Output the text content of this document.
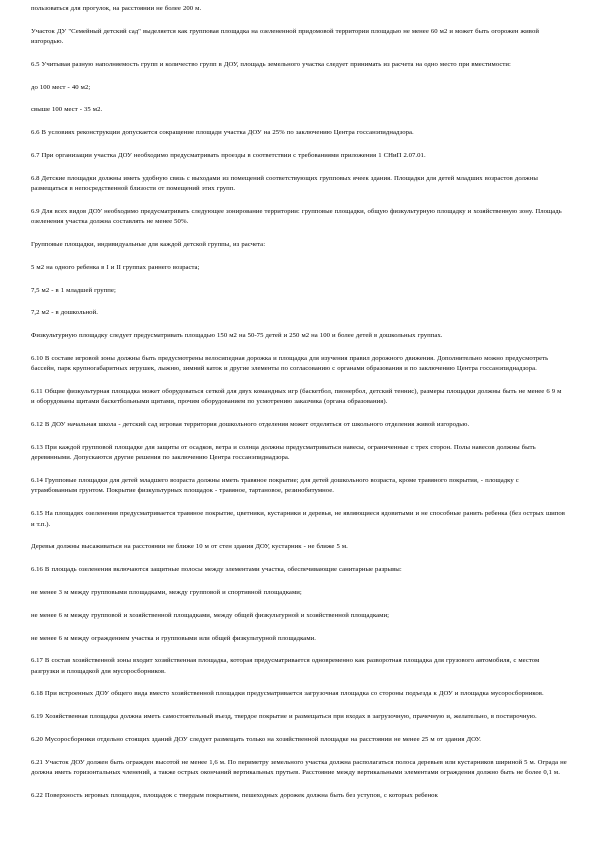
пользоваться для прогулок, на расстоянии не более 200 м.

Участок ДУ "Семейный детский сад" выделяется как групповая площадка на озелененной придомовой территории площадью не менее 60 м2 и может быть огорожен живой изгородью.

6.5 Учитывая разную наполняемость групп и количество групп в ДОУ, площадь земельного участка следует принимать из расчета на одно место при вместимости:

до 100 мест - 40 м2;

свыше 100 мест - 35 м2.

6.6 В условиях реконструкции допускается сокращение площади участка ДОУ на 25% по заключению Центра госсанэпиднадзора.

6.7 При организации участка ДОУ необходимо предусматривать проезды в соответствии с требованиями приложения 1 СНиП 2.07.01.

6.8 Детские площадки должны иметь удобную связь с выходами из помещений соответствующих групповых ячеек здания. Площадки для детей младших возрастов должны размещаться в непосредственной близости от помещений этих групп.

6.9 Для всех видов ДОУ необходимо предусматривать следующее зонирование территории: групповые площадки, общую физкультурную площадку и хозяйственную зону. Площадь озеленения участка должна составлять не менее 50%.

Групповые площадки, индивидуальные для каждой детской группы, из расчета:

5 м2 на одного ребенка в I и II группах раннего возраста;

7,5 м2 - в 1 младшей группе;

7,2 м2 - в дошкольной.

Физкультурную площадку следует предусматривать площадью 150 м2 на 50-75 детей и 250 м2 на 100 и более детей в дошкольных группах.

6.10 В составе игровой зоны должны быть предусмотрены велосипедная дорожка и площадка для изучения правил дорожного движения. Дополнительно можно предусмотреть бассейн, парк крупногабаритных игрушек, лыжню, зимний каток и другие элементы по согласованию с органами образования и по заключению Центра госсанэпиднадзора.

6.11 Общие физкультурная площадка может оборудоваться сеткой для двух командных игр (баскетбол, пионербол, детский теннис), размеры площадки должны быть не менее 6 9 м и оборудованы щитами баскетбольными щитами, прочим оборудованием по усмотрению заказчика (органа образования).

6.12 В ДОУ начальная школа - детский сад игровая территория дошкольного отделения может отделяться от школьного отделения живой изгородью.

6.13 При каждой групповой площадке для защиты от осадков, ветра и солнца должны предусматриваться навесы, ограниченные с трех сторон. Полы навесов должны быть деревянными. Допускаются другие решения по заключению Центра госсанэпиднадзора.

6.14 Групповые площадки для детей младшего возраста должны иметь травяное покрытие; для детей дошкольного возраста, кроме травяного покрытия, - площадку с утрамбованным грунтом. Покрытие физкультурных площадок - травяное, тартановое, резинобитумное.

6.15 На площадях озеленения предусматривается травяное покрытие, цветники, кустарники и деревья, не являющиеся ядовитыми и не способные ранить ребенка (без острых шипов и т.п.).

Деревья должны высаживаться на расстоянии не ближе 10 м от стен здания ДОУ, кустарник - не ближе 5 м.

6.16 В площадь озеленения включаются защитные полосы между элементами участка, обеспечивающие санитарные разрывы:

не менее 3 м между групповыми площадками, между групповой и спортивной площадками;

не менее 6 м между групповой и хозяйственной площадками, между общей физкультурной и хозяйственной площадками;

не менее 6 м между ограждением участка и групповыми или общей физкультурной площадками.

6.17 В состав хозяйственной зоны входит хозяйственная площадка, которая предусматривается одновременно как разворотная площадка для грузового автомобиля, с местом разгрузки и площадкой для мусоросборников.

6.18 При встроенных ДОУ общего вида вместо хозяйственной площадки предусматривается загрузочная площадка со стороны подъезда к ДОУ и площадка мусоросборников.

6.19 Хозяйственная площадка должна иметь самостоятельный въезд, твердое покрытие и размещаться при входах в загрузочную, прачечную и, желательно, в постирочную.

6.20 Мусоросборники отдельно стоящих зданий ДОУ следует размещать только на хозяйственной площадке на расстоянии не менее 25 м от здания ДОУ.

6.21 Участок ДОУ должен быть огражден высотой не менее 1,6 м. По периметру земельного участка должна располагаться полоса деревьев или кустарников шириной 5 м. Ограда не должна иметь горизонтальных членений, а также острых окончаний вертикальных прутьев. Расстояние между вертикальными элементами ограждения должно быть не более 0,1 м.

6.22 Поверхность игровых площадок, площадок с твердым покрытием, пешеходных дорожек должна быть без уступов, с которых ребенок
